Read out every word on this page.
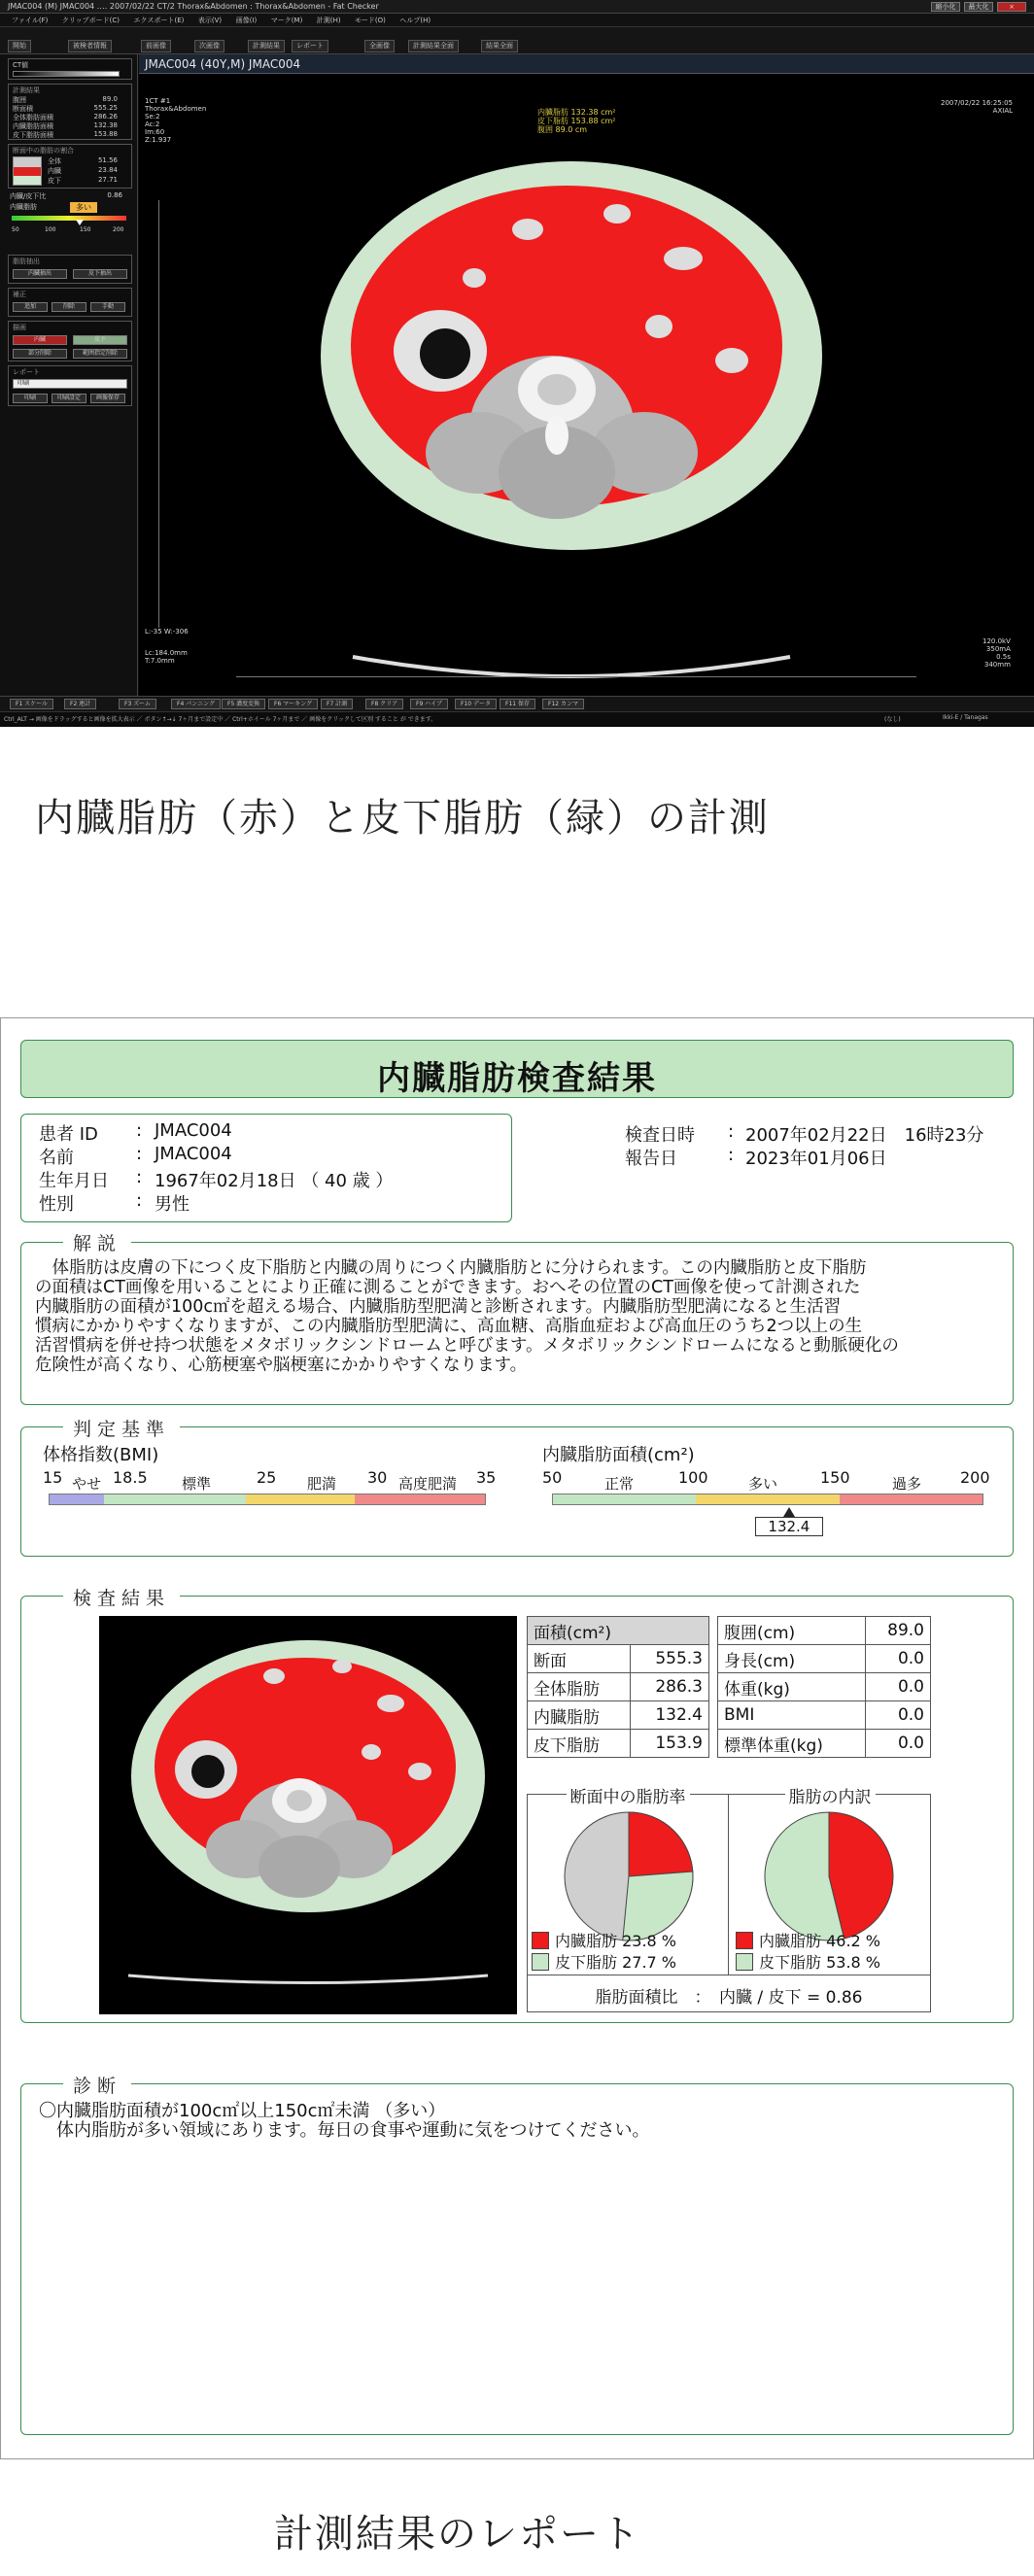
JMAC004 (M) JMAC004 ‥‥ 2007/02/22 CT/2 Thorax&Abdomen : Thorax&Abdomen - Fat Checker	縮小化	最大化	×
ファイル(F) クリップボード(C) エクスポート(E) 表示(V) 画像(I) マーク(M) 計測(H) モード(O) ヘルプ(H)
開始	被検者情報	前画像	次画像	計測結果	レポート	全画像	計測結果全面	結果全面
CT値
計測結果
腹囲	89.0
断面積	555.25
全体脂肪面積	286.26
内臓脂肪面積	132.38
皮下脂肪面積	153.88
断面中の脂肪の割合
全体	51.56
内臓	23.84
皮下	27.71
内臓/皮下比	0.86
内臓脂肪	多い
50	100	150	200
脂肪抽出
内臓抽出	皮下抽出
補正
追加	削除	手動
描画
内臓	皮下
部分削除	範囲指定削除
レポート
印刷
印刷	印刷設定	画像保存
JMAC004 (40Y,M) JMAC004
1CT #1
Thorax&Abdomen
Se:2
Ac:2
Im:60
Z:1.937
内臓脂肪 132.38 cm²
皮下脂肪 153.88 cm²
腹囲 89.0 cm
2007/02/22 16:25:05
AXIAL
L:-35 W:-306
Lc:184.0mm
T:7.0mm
120.0kV
350mA
0.5s
340mm
F1 スケール	F2 連計	F3 ズーム	F4 パンニング	F5 濃度変換	F6 マーキング	F7 計測	F8 クリア	F9 ハイブ	F10 データ	F11 保存	F12 カンマ
Ctrl_ALT → 画像をドラッグすると画像を拡大表示 ／ ボタン↑→↓ 7ヶ月まで設定中 ／ Ctrl+ホイール 7ヶ月まで ／ 画像をクリックして区別 すること が できます。	(なし)	Ikki-E / Tanagas
内臓脂肪（赤）と皮下脂肪（緑）の計測
内臓脂肪検査結果
患者 ID : JMAC004
名前	: JMAC004
生年月日 : 1967年02月18日 （ 40 歳 ）
性別	: 男性
検査日時 : 2007年02月22日　16時23分
報告日	: 2023年01月06日
　体脂肪は皮膚の下につく皮下脂肪と内臓の周りにつく内臓脂肪とに分けられます。この内臓脂肪と皮下脂肪
の面積はCT画像を用いることにより正確に測ることができます。おへその位置のCT画像を使って計測された
内臓脂肪の面積が100c㎡を超える場合、内臓脂肪型肥満と診断されます。内臓脂肪型肥満になると生活習
慣病にかかりやすくなりますが、この内臓脂肪型肥満に、高血糖、高脂血症および高血圧のうち2つ以上の生
活習慣病を併せ持つ状態をメタボリックシンドロームと呼びます。メタボリックシンドロームになると動脈硬化の
危険性が高くなり、心筋梗塞や脳梗塞にかかりやすくなります。
解説
体格指数(BMI)
15	18.5	25	30	35
やせ	標準	肥満	高度肥満
内臓脂肪面積(cm²)
50	100	150	200
正常	多い	過多
132.4
判定基準
面積(cm²)	
断面	555.3
全体脂肪	286.3
内臓脂肪	132.4
皮下脂肪	153.9
腹囲(cm)	89.0
身長(cm)	0.0
体重(kg)	0.0
BMI	0.0
標準体重(kg)	0.0
断面中の脂肪率	脂肪の内訳
内臓脂肪 23.8 %
皮下脂肪 27.7 %
内臓脂肪 46.2 %
皮下脂肪 53.8 %
脂肪面積比　：　内臓 / 皮下 = 0.86
検査結果
〇内臓脂肪面積が100c㎡以上150c㎡未満 （多い）
　体内脂肪が多い領域にあります。毎日の食事や運動に気をつけてください。
診断
計測結果のレポート
